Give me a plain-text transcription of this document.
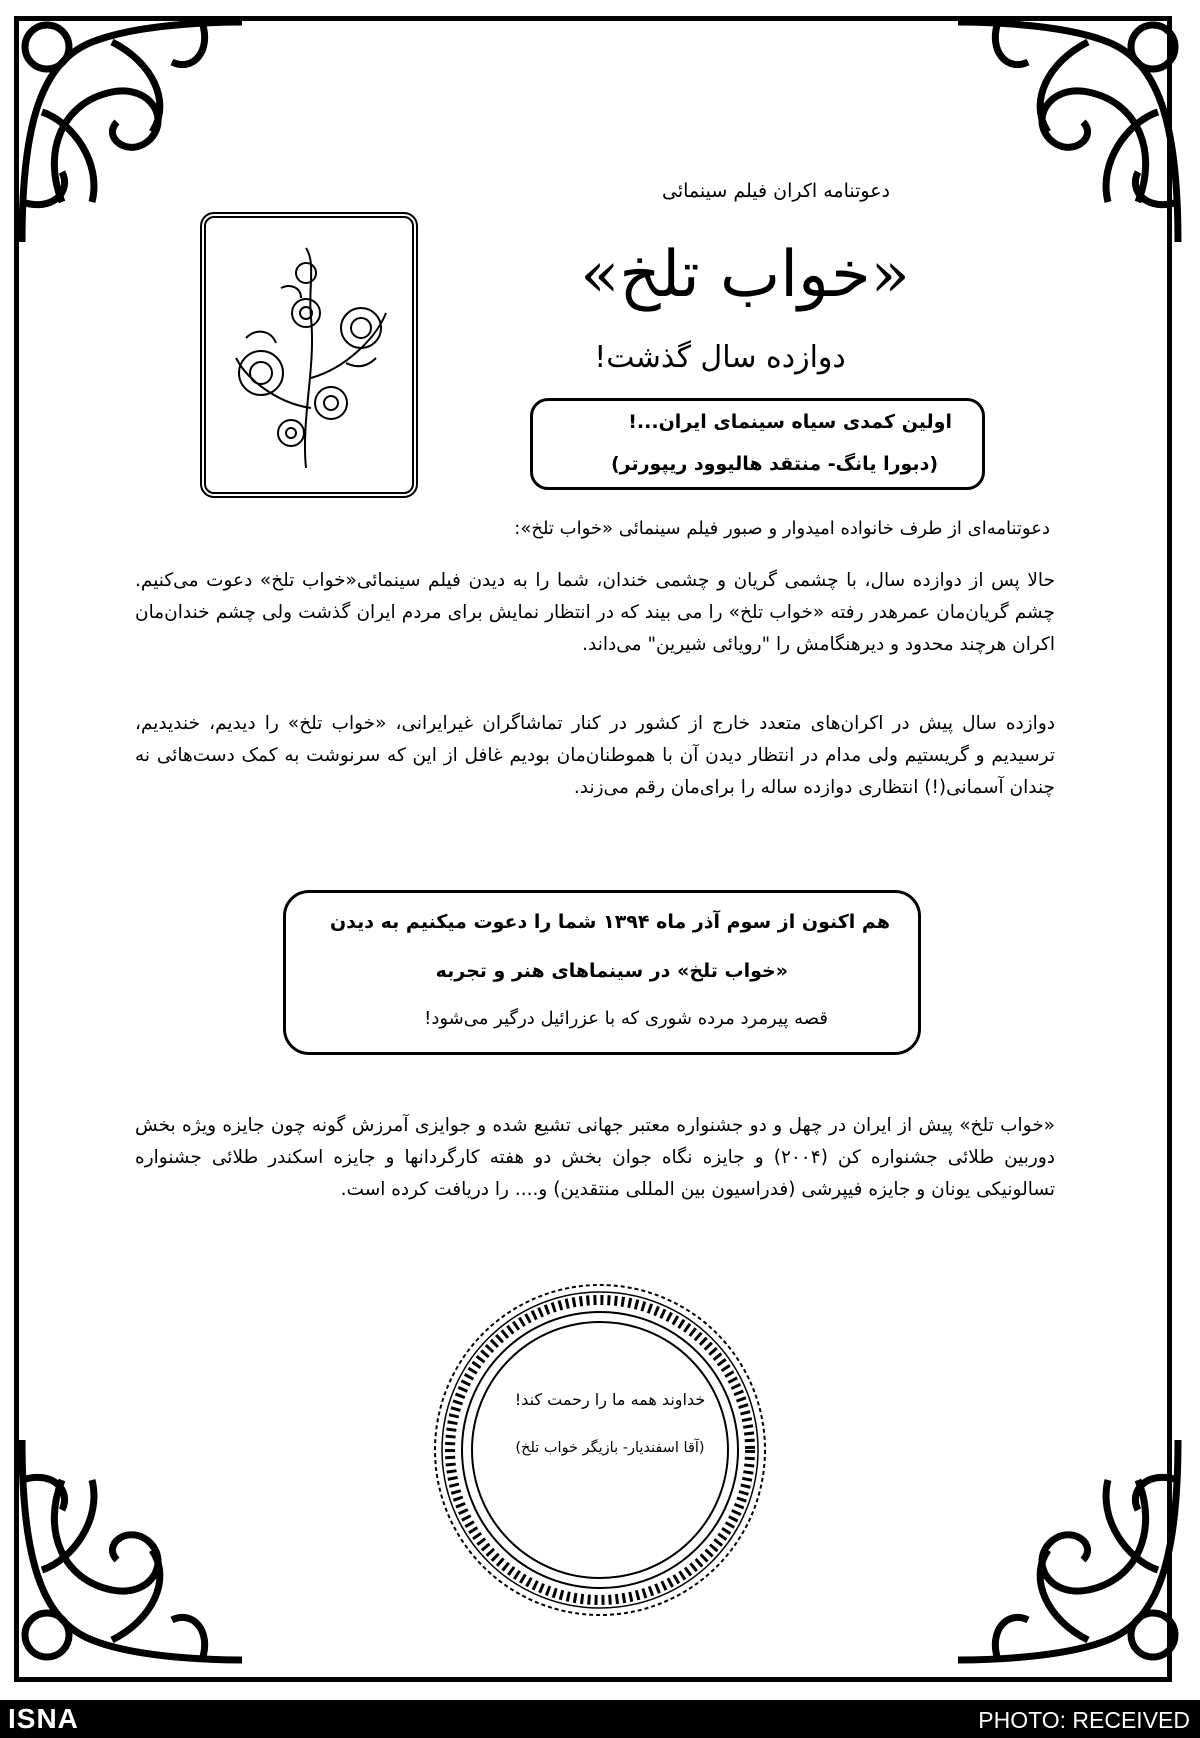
دعوتنامه اکران فیلم سینمائی
«خواب تلخ»
دوازده سال گذشت!
اولین کمدی سیاه سینمای ایران...!
(دبورا یانگ- منتقد هالیوود ریپورتر)
دعوتنامه‌ای از طرف خانواده امیدوار و صبور فیلم سینمائی «خواب تلخ»:
حالا پس از دوازده سال، با چشمی گریان و چشمی خندان، شما را به دیدن فیلم سینمائی«خواب تلخ» دعوت می‌کنیم. چشم گریان‌مان عمرهدر رفته «خواب تلخ» را می بیند که در انتظار نمایش برای مردم ایران گذشت ولی چشم خندان‌مان اکران هرچند محدود و دیرهنگامش را "رویائی شیرین" می‌داند.
دوازده سال پیش در اکران‌های متعدد خارج از کشور در کنار تماشاگران غیرایرانی، «خواب تلخ» را دیدیم، خندیدیم، ترسیدیم و گریستیم ولی مدام در انتظار دیدن آن با هموطنان‌مان بودیم غافل از این که سرنوشت به کمک دست‌هائی نه چندان آسمانی(!) انتظاری دوازده ساله را برای‌مان رقم می‌زند.
هم اکنون از سوم آذر ماه ۱۳۹۴ شما را دعوت میکنیم به دیدن
«خواب تلخ» در سینماهای هنر و تجربه
قصه پیرمرد مرده شوری که با عزرائیل درگیر می‌شود!
«خواب تلخ» پیش از ایران در چهل و دو جشنواره معتبر جهانی تشیع شده و جوایزی آمرزش گونه چون جایزه ویژه بخش دوربین طلائی جشنواره کن (۲۰۰۴) و جایزه نگاه جوان بخش دو هفته کارگردانها و جایزه اسکندر طلائی جشنواره تسالونیکی یونان و جایزه فیپرشی (فدراسیون بین المللی منتقدین) و.... را دریافت کرده است.
خداوند همه ما را رحمت کند!
(آقا اسفندیار- بازیگر خواب تلخ)
ISNA	PHOTO: RECEIVED
